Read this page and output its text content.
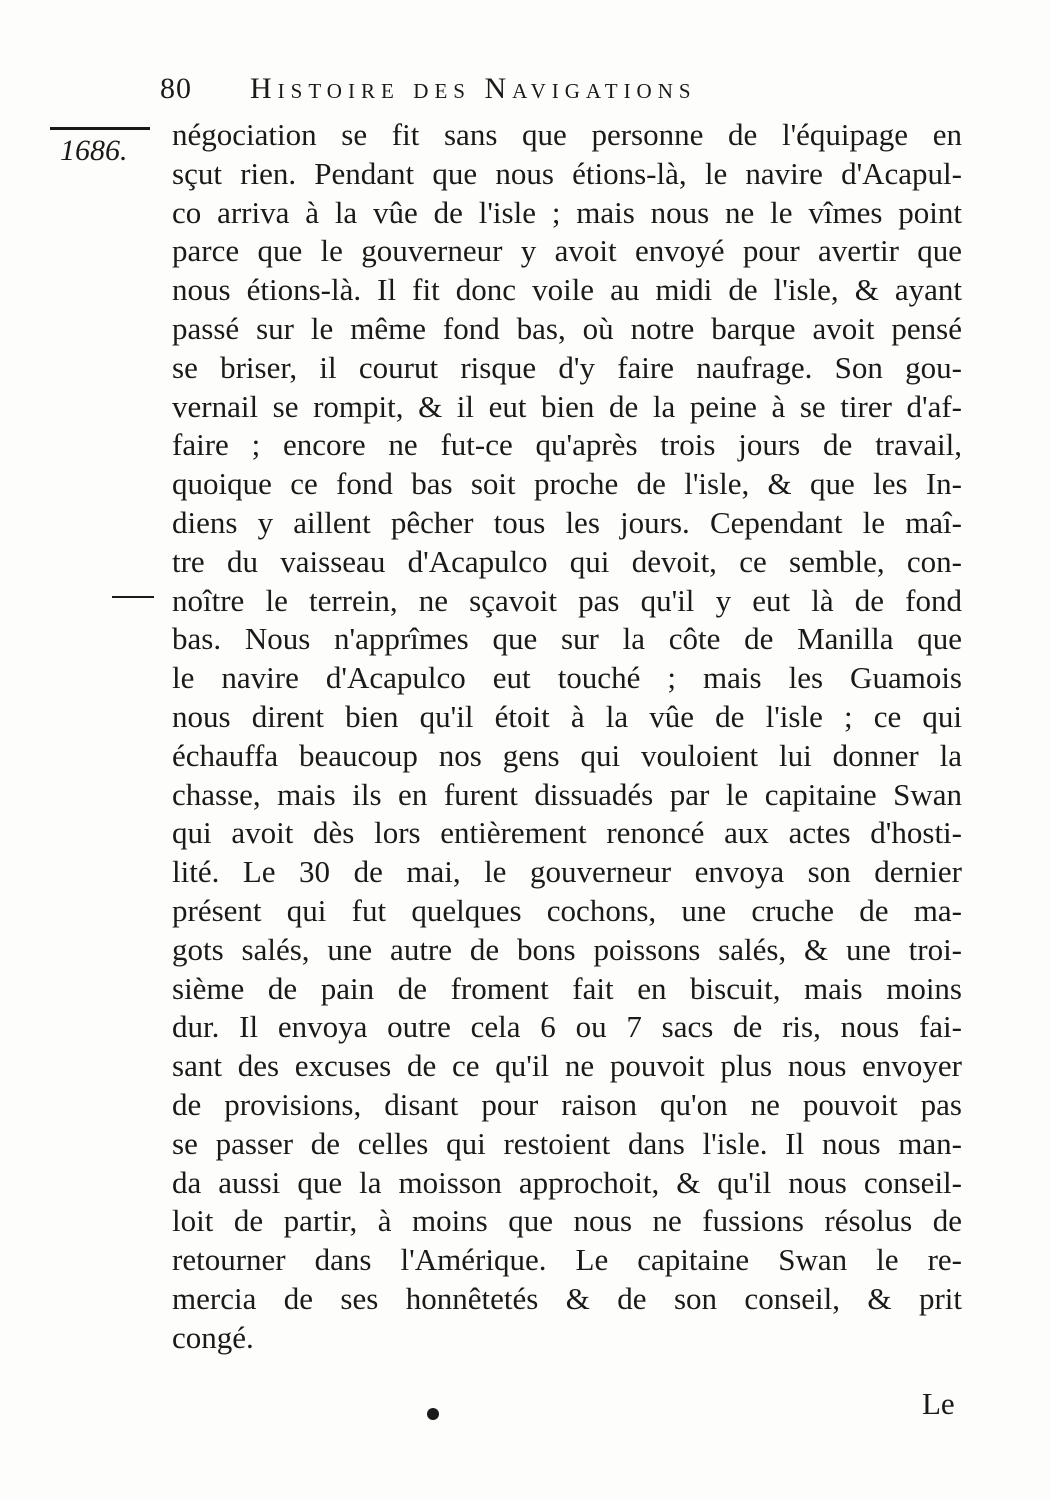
80 Histoire des Navigations
1686. négociation se fit sans que personne de l'équipage en
sçut rien. Pendant que nous étions-là, le navire d'Acapul-
co arriva à la vûe de l'isle ; mais nous ne le vîmes point
parce que le gouverneur y avoit envoyé pour avertir que
nous étions-là. Il fit donc voile au midi de l'isle, & ayant
passé sur le même fond bas, où notre barque avoit pensé
se briser, il courut risque d'y faire naufrage. Son gou-
vernail se rompit, & il eut bien de la peine à se tirer d'af-
faire ; encore ne fut-ce qu'après trois jours de travail,
quoique ce fond bas soit proche de l'isle, & que les In-
diens y aillent pêcher tous les jours. Cependant le maî-
tre du vaisseau d'Acapulco qui devoit, ce semble, con-
noître le terrein, ne sçavoit pas qu'il y eut là de fond
bas. Nous n'apprîmes que sur la côte de Manilla que
le navire d'Acapulco eut touché ; mais les Guamois
nous dirent bien qu'il étoit à la vûe de l'isle ; ce qui
échauffa beaucoup nos gens qui vouloient lui donner la
chasse, mais ils en furent dissuadés par le capitaine Swan
qui avoit dès lors entièrement renoncé aux actes d'hosti-
lité. Le 30 de mai, le gouverneur envoya son dernier
présent qui fut quelques cochons, une cruche de ma-
gots salés, une autre de bons poissons salés, & une troi-
sième de pain de froment fait en biscuit, mais moins
dur. Il envoya outre cela 6 ou 7 sacs de ris, nous fai-
sant des excuses de ce qu'il ne pouvoit plus nous envoyer
de provisions, disant pour raison qu'on ne pouvoit pas
se passer de celles qui restoient dans l'isle. Il nous man-
da aussi que la moisson approchoit, & qu'il nous conseil-
loit de partir, à moins que nous ne fussions résolus de
retourner dans l'Amérique. Le capitaine Swan le re-
mercia de ses honnêtetés & de son conseil, & prit
congé.
Le
